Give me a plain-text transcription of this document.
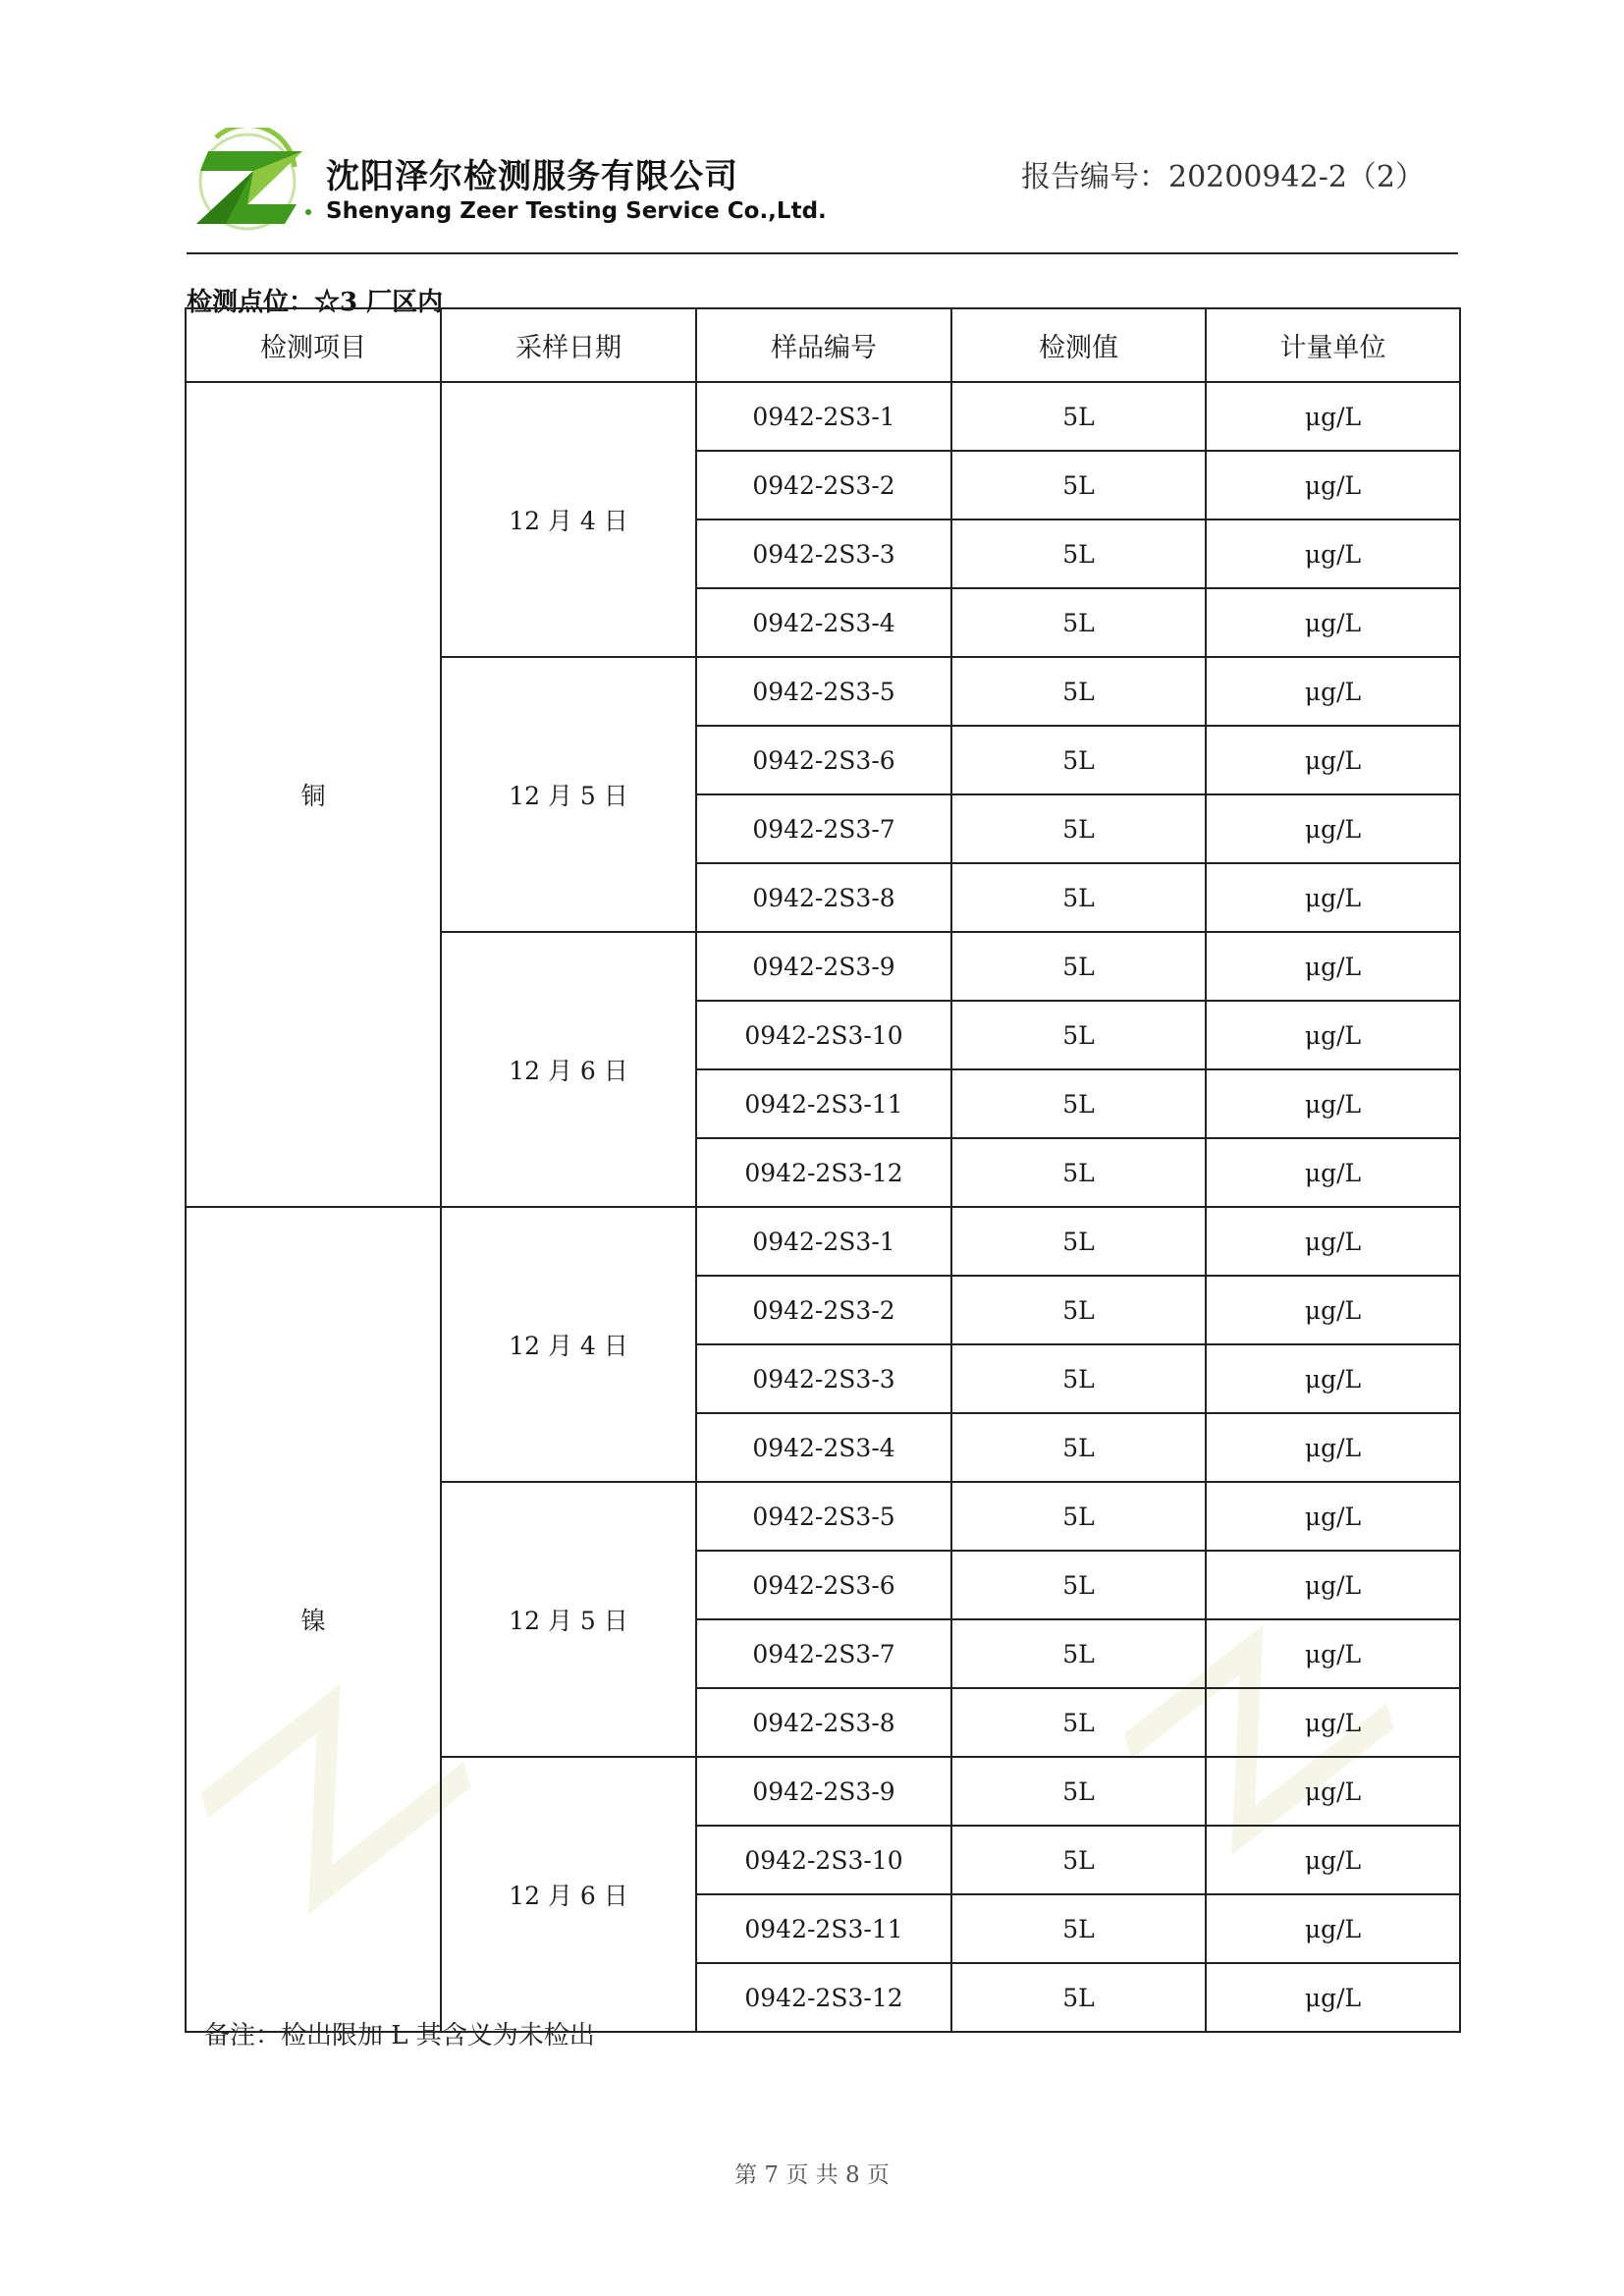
沈阳泽尔检测服务有限公司
Shenyang Zeer Testing Service Co.,Ltd.
报告编号：20200942-2（2）
检测点位：☆3 厂区内
检测项目	采样日期	样品编号	检测值	计量单位
铜	12 月 4 日	0942-2S3-1	5L	μg/L
		0942-2S3-2	5L	μg/L
		0942-2S3-3	5L	μg/L
		0942-2S3-4	5L	μg/L
	12 月 5 日	0942-2S3-5	5L	μg/L
		0942-2S3-6	5L	μg/L
		0942-2S3-7	5L	μg/L
		0942-2S3-8	5L	μg/L
	12 月 6 日	0942-2S3-9	5L	μg/L
		0942-2S3-10	5L	μg/L
		0942-2S3-11	5L	μg/L
		0942-2S3-12	5L	μg/L
镍	12 月 4 日	0942-2S3-1	5L	μg/L
		0942-2S3-2	5L	μg/L
		0942-2S3-3	5L	μg/L
		0942-2S3-4	5L	μg/L
	12 月 5 日	0942-2S3-5	5L	μg/L
		0942-2S3-6	5L	μg/L
		0942-2S3-7	5L	μg/L
		0942-2S3-8	5L	μg/L
	12 月 6 日	0942-2S3-9	5L	μg/L
		0942-2S3-10	5L	μg/L
		0942-2S3-11	5L	μg/L
		0942-2S3-12	5L	μg/L
备注：检出限加 L 其含义为未检出
第 7 页 共 8 页
